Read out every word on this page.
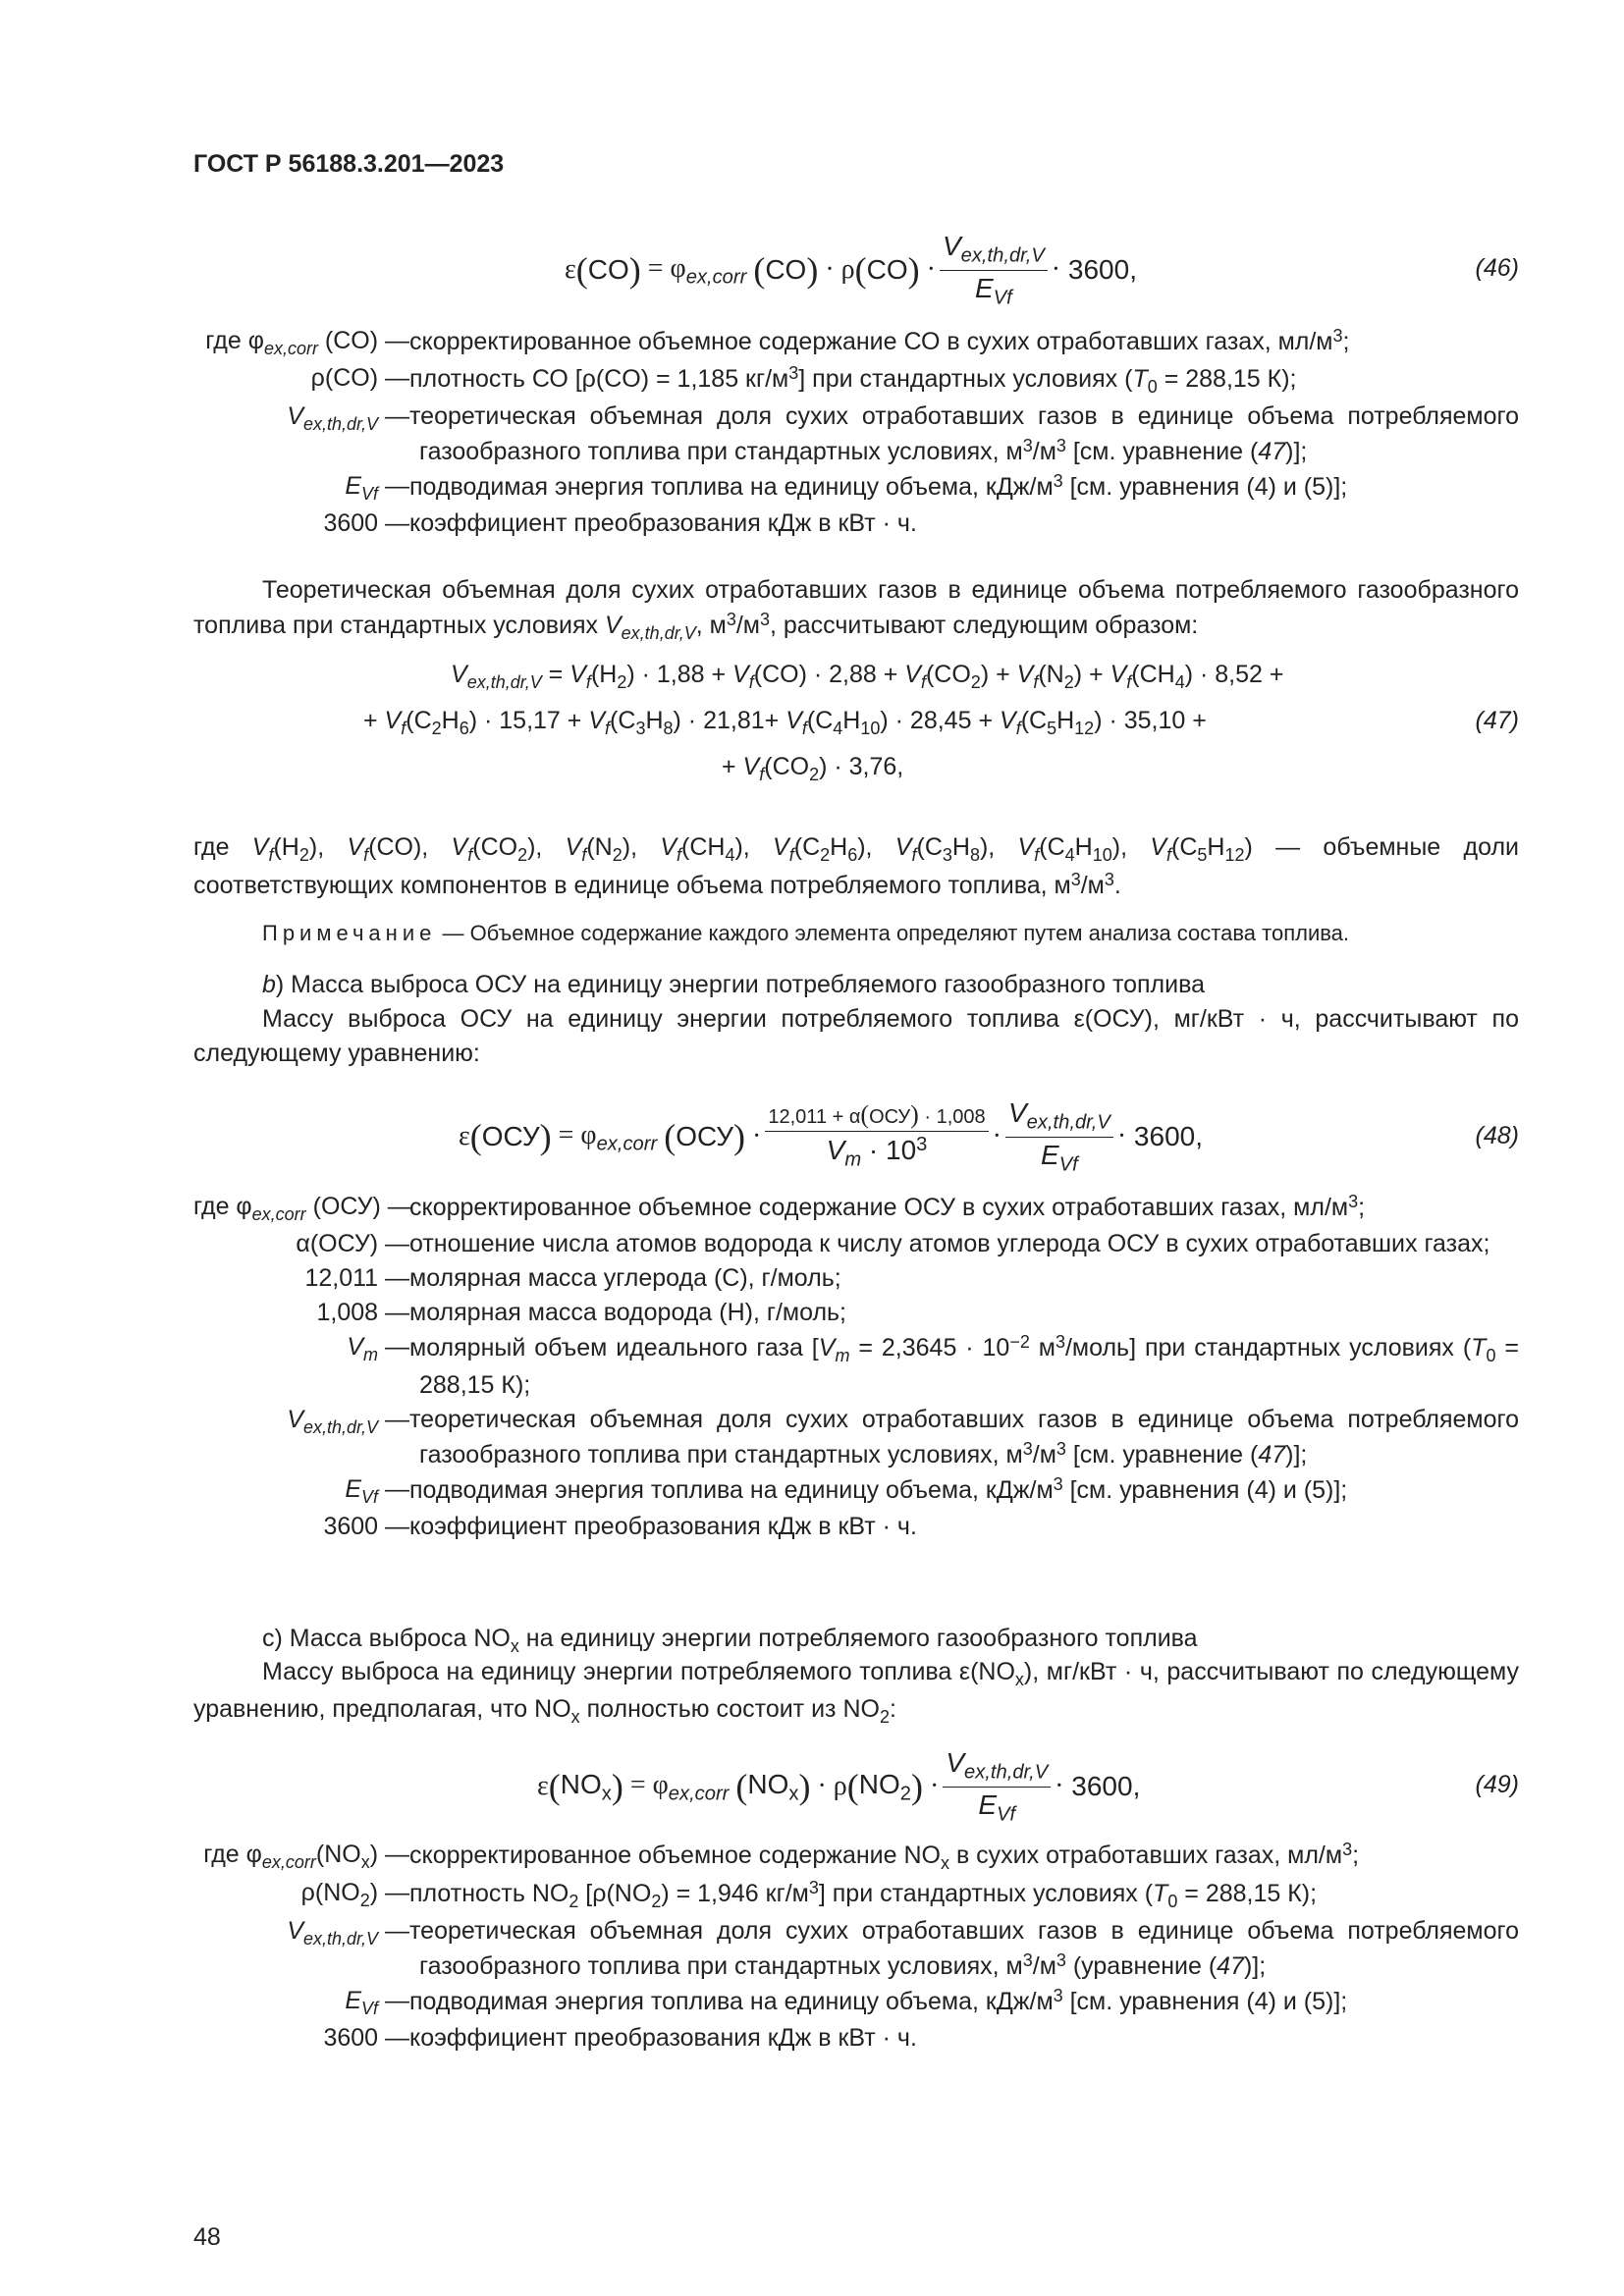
ГОСТ Р 56188.3.201—2023
ε ( CO ) = $\varphi_{ex,corr}$ ( CO ) · ρ ( CO ) · $\frac{V_{ex,th,dr,V}}{E_{Vf}} \cdot 3600$,	(46)
где $\varphi_{ex,corr}$ (CO) — скорректированное объемное содержание СО в сухих отработавших газах, $мл/м^3$;
ρ(CO) — плотность СО [ρ(CO) = 1,185 $кг/м^3$] при стандартных условиях ($T_0 = 288,15$ К);
$V_{ex,th,dr,V}$ — теоретическая объемная доля сухих отработавших газов в единице объема потребляемого газообразного топлива при стандартных условиях, $м^3/м^3$ [см. уравнение (47)];
$E_{Vf}$ — подводимая энергия топлива на единицу объема, кДж/$м^3$ [см. уравнения (4) и (5)];
3600 — коэффициент преобразования кДж в кВт · ч.
Теоретическая объемная доля сухих отработавших газов в единице объема потребляемого газообразного топлива при стандартных условиях $V_{ex,th,dr,V}$, $м^3/м^3$, рассчитывают следующим образом:
$V_{ex,th,dr,V} = V_f(H_2) \cdot 1,88 + V_f(CO) \cdot 2,88 + V_f(CO_2) + V_f(N_2) + V_f(CH_4) \cdot 8,52$ +
+ $V_f(C_2H_6) \cdot 15,17 + V_f(C_3H_8) \cdot 21,81+ V_f(C_4H_{10}) \cdot 28,45 + V_f(C_5H_{12}) \cdot 35,10$ +
+ $V_f(CO_2) \cdot 3,76$,
(47)
где $V_f(H_2)$, $V_f(CO)$, $V_f(CO_2)$, $V_f(N_2)$, $V_f(CH_4)$, $V_f(C_2H_6)$, $V_f(C_3H_8)$, $V_f(C_4H_{10})$, $V_f(C_5H_{12})$ — объемные доли соответствующих компонентов в единице объема потребляемого топлива, $м^3/м^3$.
Примечание — Объемное содержание каждого элемента определяют путем анализа состава топлива.
b) Масса выброса ОСУ на единицу энергии потребляемого газообразного топлива
Массу выброса ОСУ на единицу энергии потребляемого топлива ε(ОСУ), мг/кВт · ч, рассчитывают по следующему уравнению:
ε ( ОСУ ) = $\varphi_{ex,corr}$ ( ОСУ ) · $\frac{\text{12,011 + α(ОСУ) · 1,008}}{V_m \cdot 10^3} \cdot \frac{V_{ex,th,dr,V}}{E_{Vf}} \cdot 3600$,	(48)
где $\varphi_{ex,corr}$ (ОСУ) —
скорректированное объемное содержание ОСУ в сухих отработавших газах, $мл/м^3$;
α(ОСУ) — отношение числа атомов водорода к числу атомов углерода ОСУ в сухих отработавших газах;
12,011 — молярная масса углерода (С), г/моль;
1,008 — молярная масса водорода (Н), г/моль;
$V_m$ — молярный объем идеального газа [$V_m = 2,3645 \cdot 10^{-2}$ $м^3/моль$] при стандартных условиях ($T_0 = 288,15$ К);
$V_{ex,th,dr,V}$ — теоретическая объемная доля сухих отработавших газов в единице объема потребляемого газообразного топлива при стандартных условиях, $м^3/м^3$ [см. уравнение (47)];
$E_{Vf}$ — подводимая энергия топлива на единицу объема, кДж/$м^3$ [см. уравнения (4) и (5)];
3600 — коэффициент преобразования кДж в кВт · ч.
с) Масса выброса $NO_x$ на единицу энергии потребляемого газообразного топлива
Массу выброса на единицу энергии потребляемого топлива $\varepsilon(NO_x)$, мг/кВт · ч, рассчитывают по следующему уравнению, предполагая, что $NO_x$ полностью состоит из $NO_2$:
ε ( $NO_x$ ) = $\varphi_{ex,corr}$ ( $NO_x$ ) · ρ ( $NO_2$ ) · $\frac{V_{ex,th,dr,V}}{E_{Vf}} \cdot 3600$,	(49)
где $\varphi_{ex,corr}(NO_x)$ — скорректированное объемное содержание $NO_x$ в сухих отработавших газах, $мл/м^3$;
$\rho(NO_2)$ — плотность $NO_2$ [$\rho(NO_2) = 1,946$ $кг/м^3$] при стандартных условиях ($T_0 = 288,15$ К);
$V_{ex,th,dr,V}$ — теоретическая объемная доля сухих отработавших газов в единице объема потребляемого газообразного топлива при стандартных условиях, $м^3/м^3$ (уравнение (47)];
$E_{Vf}$ — подводимая энергия топлива на единицу объема, кДж/$м^3$ [см. уравнения (4) и (5)];
3600 — коэффициент преобразования кДж в кВт · ч.
48
